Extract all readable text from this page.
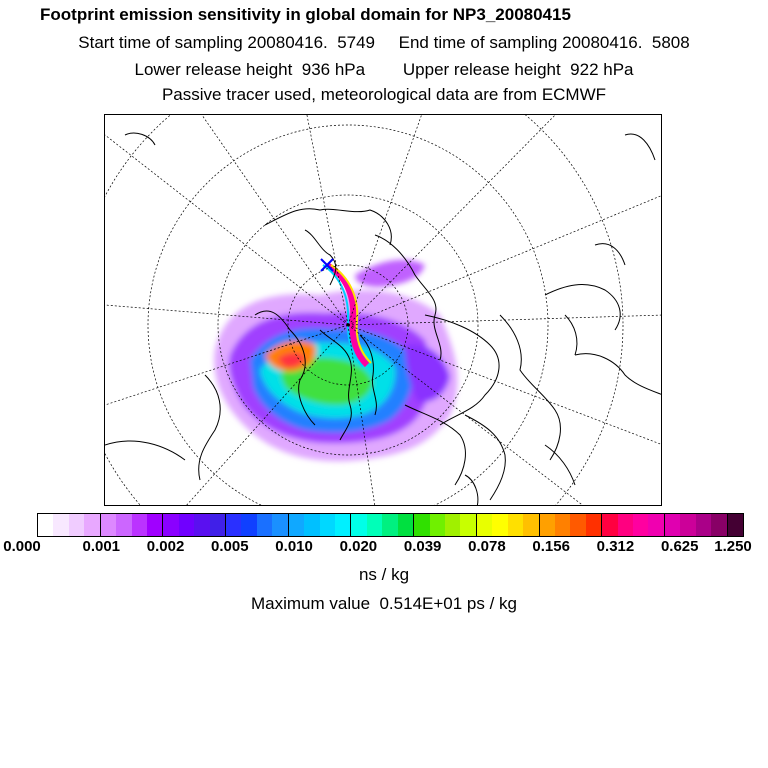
Footprint emission sensitivity in global domain for NP3_20080415
Start time of sampling 20080416.  5749     End time of sampling 20080416.  5808
Lower release height  936 hPa        Upper release height  922 hPa
Passive tracer used, meteorological data are from ECMWF
0.000	0.001 0.002 0.005 0.010 0.020 0.039 0.078 0.156 0.312 0.625 1.250
ns / kg
Maximum value  0.514E+01 ps / kg
